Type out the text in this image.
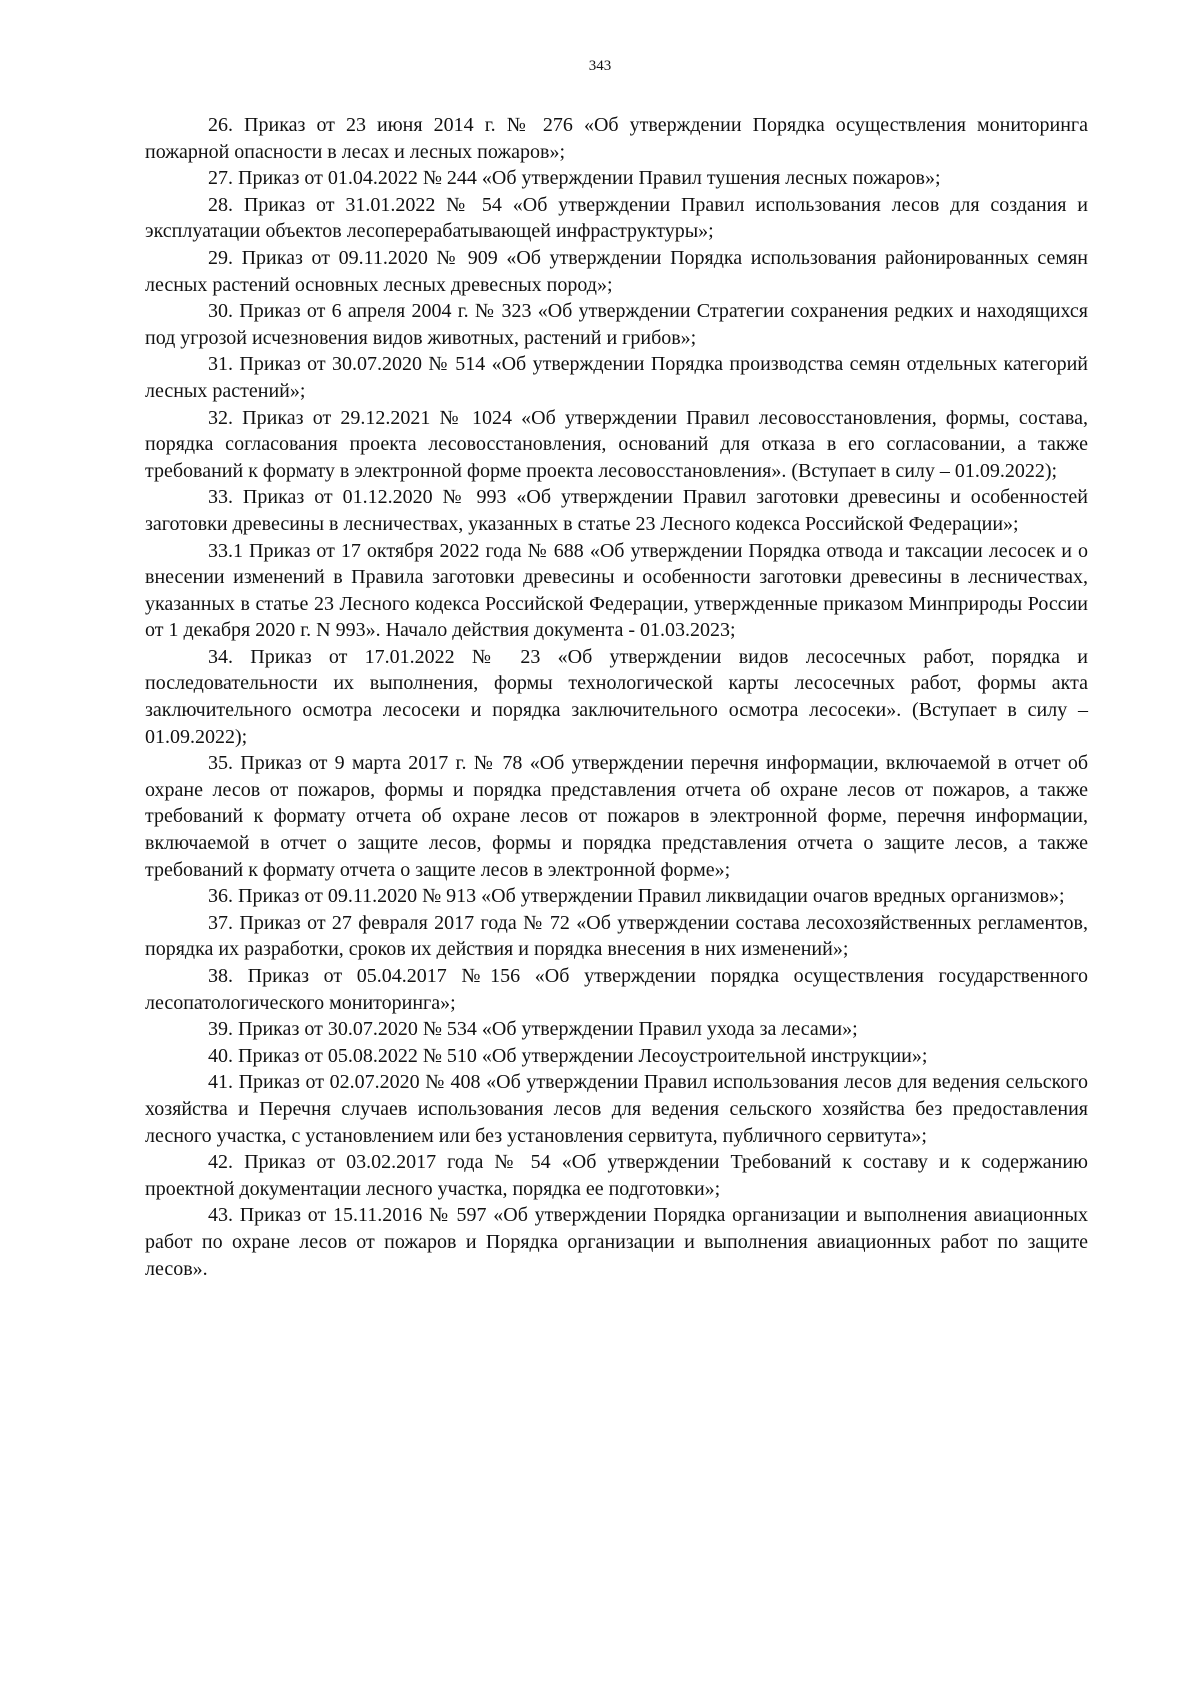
343

26. Приказ от 23 июня 2014 г. № 276 «Об утверждении Порядка осуществления мониторинга пожарной опасности в лесах и лесных пожаров»;

27. Приказ от 01.04.2022 № 244 «Об утверждении Правил тушения лесных пожаров»;

28. Приказ от 31.01.2022 № 54 «Об утверждении Правил использования лесов для создания и эксплуатации объектов лесоперерабатывающей инфраструктуры»;

29. Приказ от 09.11.2020 № 909 «Об утверждении Порядка использования районированных семян лесных растений основных лесных древесных пород»;

30. Приказ от 6 апреля 2004 г. № 323 «Об утверждении Стратегии сохранения редких и находящихся под угрозой исчезновения видов животных, растений и грибов»;

31. Приказ от 30.07.2020 № 514 «Об утверждении Порядка производства семян отдельных категорий лесных растений»;

32. Приказ от 29.12.2021 № 1024 «Об утверждении Правил лесовосстановления, формы, состава, порядка согласования проекта лесовосстановления, оснований для отказа в его согласовании, а также требований к формату в электронной форме проекта лесовосстановления». (Вступает в силу – 01.09.2022);

33. Приказ от 01.12.2020 № 993 «Об утверждении Правил заготовки древесины и особенностей заготовки древесины в лесничествах, указанных в статье 23 Лесного кодекса Российской Федерации»;

33.1 Приказ от 17 октября 2022 года № 688 «Об утверждении Порядка отвода и таксации лесосек и о внесении изменений в Правила заготовки древесины и особенности заготовки древесины в лесничествах, указанных в статье 23 Лесного кодекса Российской Федерации, утвержденные приказом Минприроды России от 1 декабря 2020 г. N 993». Начало действия документа - 01.03.2023;

34. Приказ от 17.01.2022 № 23 «Об утверждении видов лесосечных работ, порядка и последовательности их выполнения, формы технологической карты лесосечных работ, формы акта заключительного осмотра лесосеки и порядка заключительного осмотра лесосеки». (Вступает в силу – 01.09.2022);

35. Приказ от 9 марта 2017 г. № 78 «Об утверждении перечня информации, включаемой в отчет об охране лесов от пожаров, формы и порядка представления отчета об охране лесов от пожаров, а также требований к формату отчета об охране лесов от пожаров в электронной форме, перечня информации, включаемой в отчет о защите лесов, формы и порядка представления отчета о защите лесов, а также требований к формату отчета о защите лесов в электронной форме»;

36. Приказ от 09.11.2020 № 913 «Об утверждении Правил ликвидации очагов вредных организмов»;

37. Приказ от 27 февраля 2017 года № 72 «Об утверждении состава лесохозяйственных регламентов, порядка их разработки, сроков их действия и порядка внесения в них изменений»;

38. Приказ от 05.04.2017 №156 «Об утверждении порядка осуществления государственного лесопатологического мониторинга»;

39. Приказ от 30.07.2020 № 534 «Об утверждении Правил ухода за лесами»;

40. Приказ от 05.08.2022 № 510 «Об утверждении Лесоустроительной инструкции»;

41. Приказ от 02.07.2020 № 408 «Об утверждении Правил использования лесов для ведения сельского хозяйства и Перечня случаев использования лесов для ведения сельского хозяйства без предоставления лесного участка, с установлением или без установления сервитута, публичного сервитута»;

42. Приказ от 03.02.2017 года № 54 «Об утверждении Требований к составу и к содержанию проектной документации лесного участка, порядка ее подготовки»;

43. Приказ от 15.11.2016 № 597 «Об утверждении Порядка организации и выполнения авиационных работ по охране лесов от пожаров и Порядка организации и выполнения авиационных работ по защите лесов».
